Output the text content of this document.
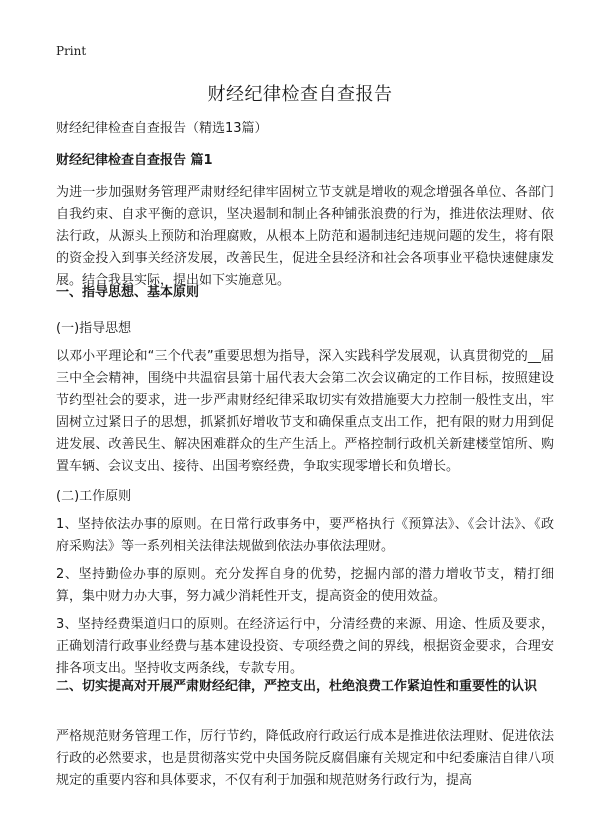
Print
财经纪律检查自查报告
财经纪律检查自查报告（精选13篇）
财经纪律检查自查报告 篇1

为进一步加强财务管理严肃财经纪律牢固树立节支就是增收的观念增强各单位、各部门自我约束、自求平衡的意识，坚决遏制和制止各种铺张浪费的行为，推进依法理财、依法行政，从源头上预防和治理腐败，从根本上防范和遏制违纪违规问题的发生，将有限的资金投入到事关经济发展，改善民生，促进全县经济和社会各项事业平稳快速健康发展。结合我县实际，提出如下实施意见。

一、指导思想、基本原则
(一)指导思想

以邓小平理论和“三个代表”重要思想为指导，深入实践科学发展观，认真贯彻党的__届三中全会精神，围绕中共温宿县第十届代表大会第二次会议确定的工作目标，按照建设节约型社会的要求，进一步严肃财经纪律采取切实有效措施要大力控制一般性支出，牢固树立过紧日子的思想，抓紧抓好增收节支和确保重点支出工作，把有限的财力用到促进发展、改善民生、解决困难群众的生产生活上。严格控制行政机关新建楼堂馆所、购置车辆、会议支出、接待、出国考察经费，争取实现零增长和负增长。

(二)工作原则

1、坚持依法办事的原则。在日常行政事务中，要严格执行《预算法》、《会计法》、《政府采购法》等一系列相关法律法规做到依法办事依法理财。

2、坚持勤俭办事的原则。充分发挥自身的优势，挖掘内部的潜力增收节支，精打细算，集中财力办大事，努力减少消耗性开支，提高资金的使用效益。

3、坚持经费渠道归口的原则。在经济运行中，分清经费的来源、用途、性质及要求，正确划清行政事业经费与基本建设投资、专项经费之间的界线，根据资金要求，合理安排各项支出。坚持收支两条线，专款专用。

二、切实提高对开展严肃财经纪律，严控支出，杜绝浪费工作紧迫性和重要性的认识

严格规范财务管理工作，厉行节约，降低政府行政运行成本是推进依法理财、促进依法行政的必然要求，也是贯彻落实党中央国务院反腐倡廉有关规定和中纪委廉洁自律八项规定的重要内容和具体要求，不仅有利于加强和规范财务行政行为，提高
